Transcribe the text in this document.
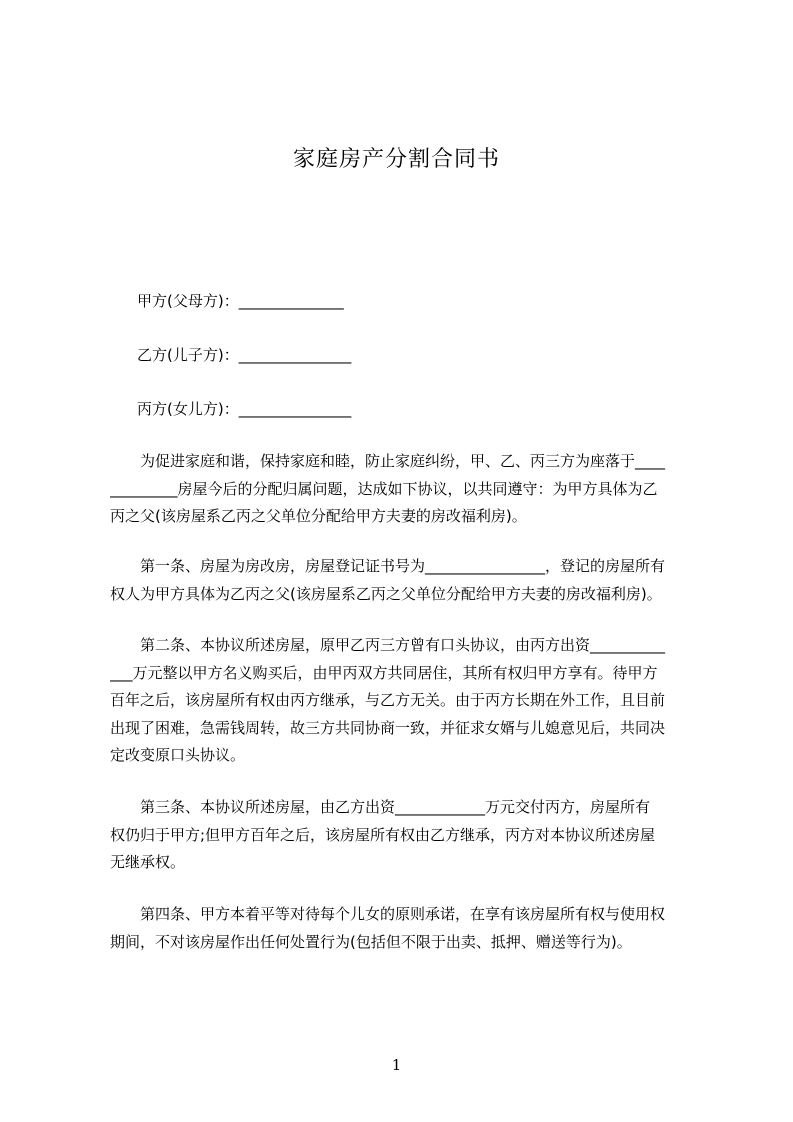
家庭房产分割合同书
甲方(父母方)：______________
乙方(儿子方)：_______________
丙方(女儿方)：_______________
为促进家庭和谐，保持家庭和睦，防止家庭纠纷，甲、乙、丙三方为座落于____
_________房屋今后的分配归属问题，达成如下协议，以共同遵守：为甲方具体为乙
丙之父(该房屋系乙丙之父单位分配给甲方夫妻的房改福利房)。
第一条、房屋为房改房，房屋登记证书号为________________，登记的房屋所有
权人为甲方具体为乙丙之父(该房屋系乙丙之父单位分配给甲方夫妻的房改福利房)。
第二条、本协议所述房屋，原甲乙丙三方曾有口头协议，由丙方出资__________
___万元整以甲方名义购买后，由甲丙双方共同居住，其所有权归甲方享有。待甲方
百年之后，该房屋所有权由丙方继承，与乙方无关。由于丙方长期在外工作，且目前
出现了困难，急需钱周转，故三方共同协商一致，并征求女婿与儿媳意见后，共同决
定改变原口头协议。
第三条、本协议所述房屋，由乙方出资____________万元交付丙方，房屋所有
权仍归于甲方;但甲方百年之后，该房屋所有权由乙方继承，丙方对本协议所述房屋
无继承权。
第四条、甲方本着平等对待每个儿女的原则承诺，在享有该房屋所有权与使用权
期间，不对该房屋作出任何处置行为(包括但不限于出卖、抵押、赠送等行为)。
1
